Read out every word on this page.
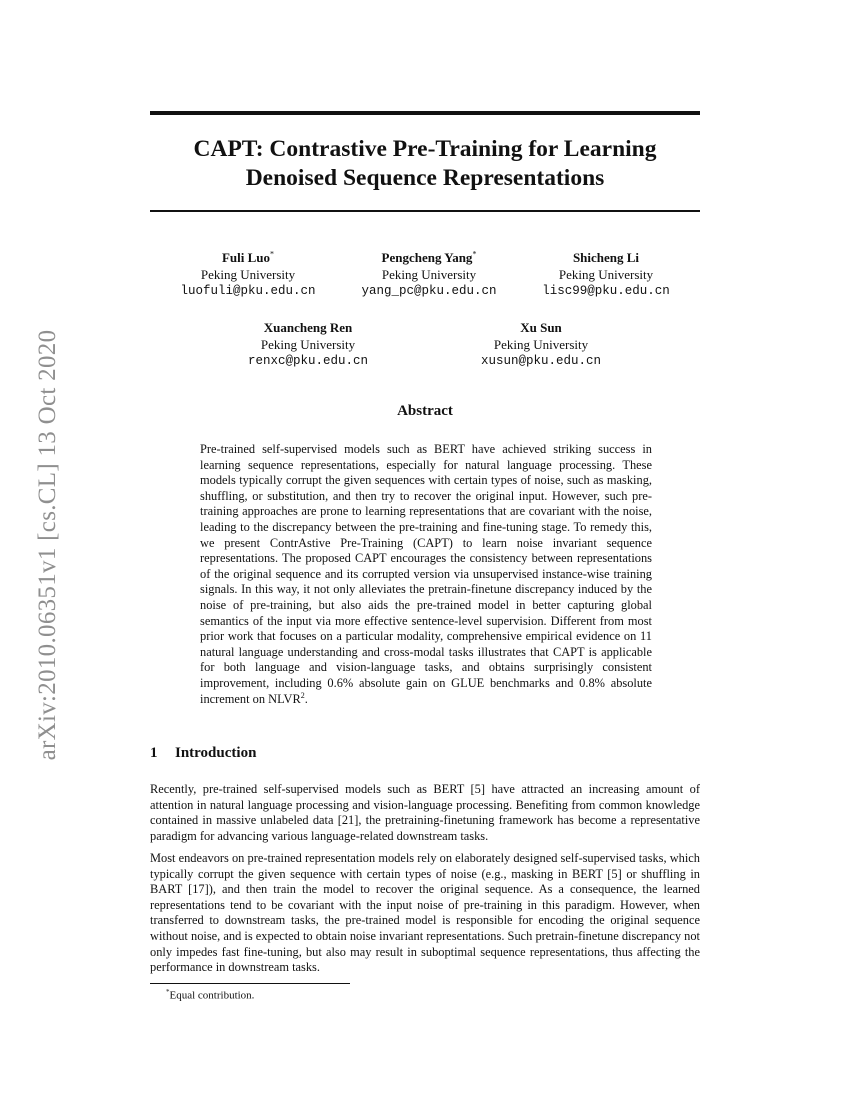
arXiv:2010.06351v1 [cs.CL] 13 Oct 2020
CAPT: Contrastive Pre-Training for Learning
Denoised Sequence Representations
Fuli Luo*
Peking University
luofuli@pku.edu.cn
Pengcheng Yang*
Peking University
yang_pc@pku.edu.cn
Shicheng Li
Peking University
lisc99@pku.edu.cn
Xuancheng Ren
Peking University
renxc@pku.edu.cn
Xu Sun
Peking University
xusun@pku.edu.cn
Abstract
Pre-trained self-supervised models such as BERT have achieved striking success in learning sequence representations, especially for natural language processing. These models typically corrupt the given sequences with certain types of noise, such as masking, shuffling, or substitution, and then try to recover the original input. However, such pre-training approaches are prone to learning representations that are covariant with the noise, leading to the discrepancy between the pre-training and fine-tuning stage. To remedy this, we present ContrAstive Pre-Training (CAPT) to learn noise invariant sequence representations. The proposed CAPT encourages the consistency between representations of the original sequence and its corrupted version via unsupervised instance-wise training signals. In this way, it not only alleviates the pretrain-finetune discrepancy induced by the noise of pre-training, but also aids the pre-trained model in better capturing global semantics of the input via more effective sentence-level supervision. Different from most prior work that focuses on a particular modality, comprehensive empirical evidence on 11 natural language understanding and cross-modal tasks illustrates that CAPT is applicable for both language and vision-language tasks, and obtains surprisingly consistent improvement, including 0.6% absolute gain on GLUE benchmarks and 0.8% absolute increment on NLVR$^2$.
1 Introduction
Recently, pre-trained self-supervised models such as BERT [5] have attracted an increasing amount of attention in natural language processing and vision-language processing. Benefiting from common knowledge contained in massive unlabeled data [21], the pretraining-finetuning framework has become a representative paradigm for advancing various language-related downstream tasks.
Most endeavors on pre-trained representation models rely on elaborately designed self-supervised tasks, which typically corrupt the given sequence with certain types of noise (e.g., masking in BERT [5] or shuffling in BART [17]), and then train the model to recover the original sequence. As a consequence, the learned representations tend to be covariant with the input noise of pre-training in this paradigm. However, when transferred to downstream tasks, the pre-trained model is responsible for encoding the original sequence without noise, and is expected to obtain noise invariant representations. Such pretrain-finetune discrepancy not only impedes fast fine-tuning, but also may result in suboptimal sequence representations, thus affecting the performance in downstream tasks.
*Equal contribution.
